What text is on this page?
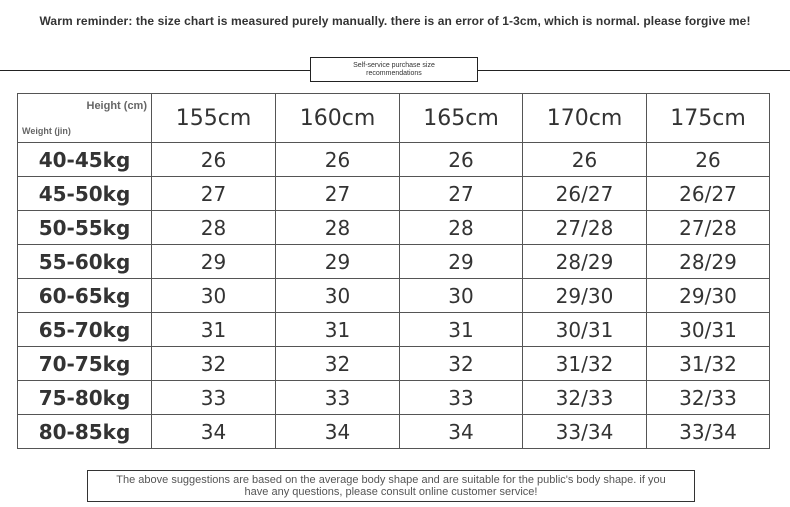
Warm reminder: the size chart is measured purely manually. there is an error of 1-3cm, which is normal. please forgive me!
Self-service purchase size
recommendations
Height (cm)
Weight (jin)	155cm	160cm	165cm	170cm	175cm
40-45kg	26	26	26	26	26
45-50kg	27	27	27	26/27	26/27
50-55kg	28	28	28	27/28	27/28
55-60kg	29	29	29	28/29	28/29
60-65kg	30	30	30	29/30	29/30
65-70kg	31	31	31	30/31	30/31
70-75kg	32	32	32	31/32	31/32
75-80kg	33	33	33	32/33	32/33
80-85kg	34	34	34	33/34	33/34
The above suggestions are based on the average body shape and are suitable for the public's body shape. if you have any questions, please consult online customer service!
